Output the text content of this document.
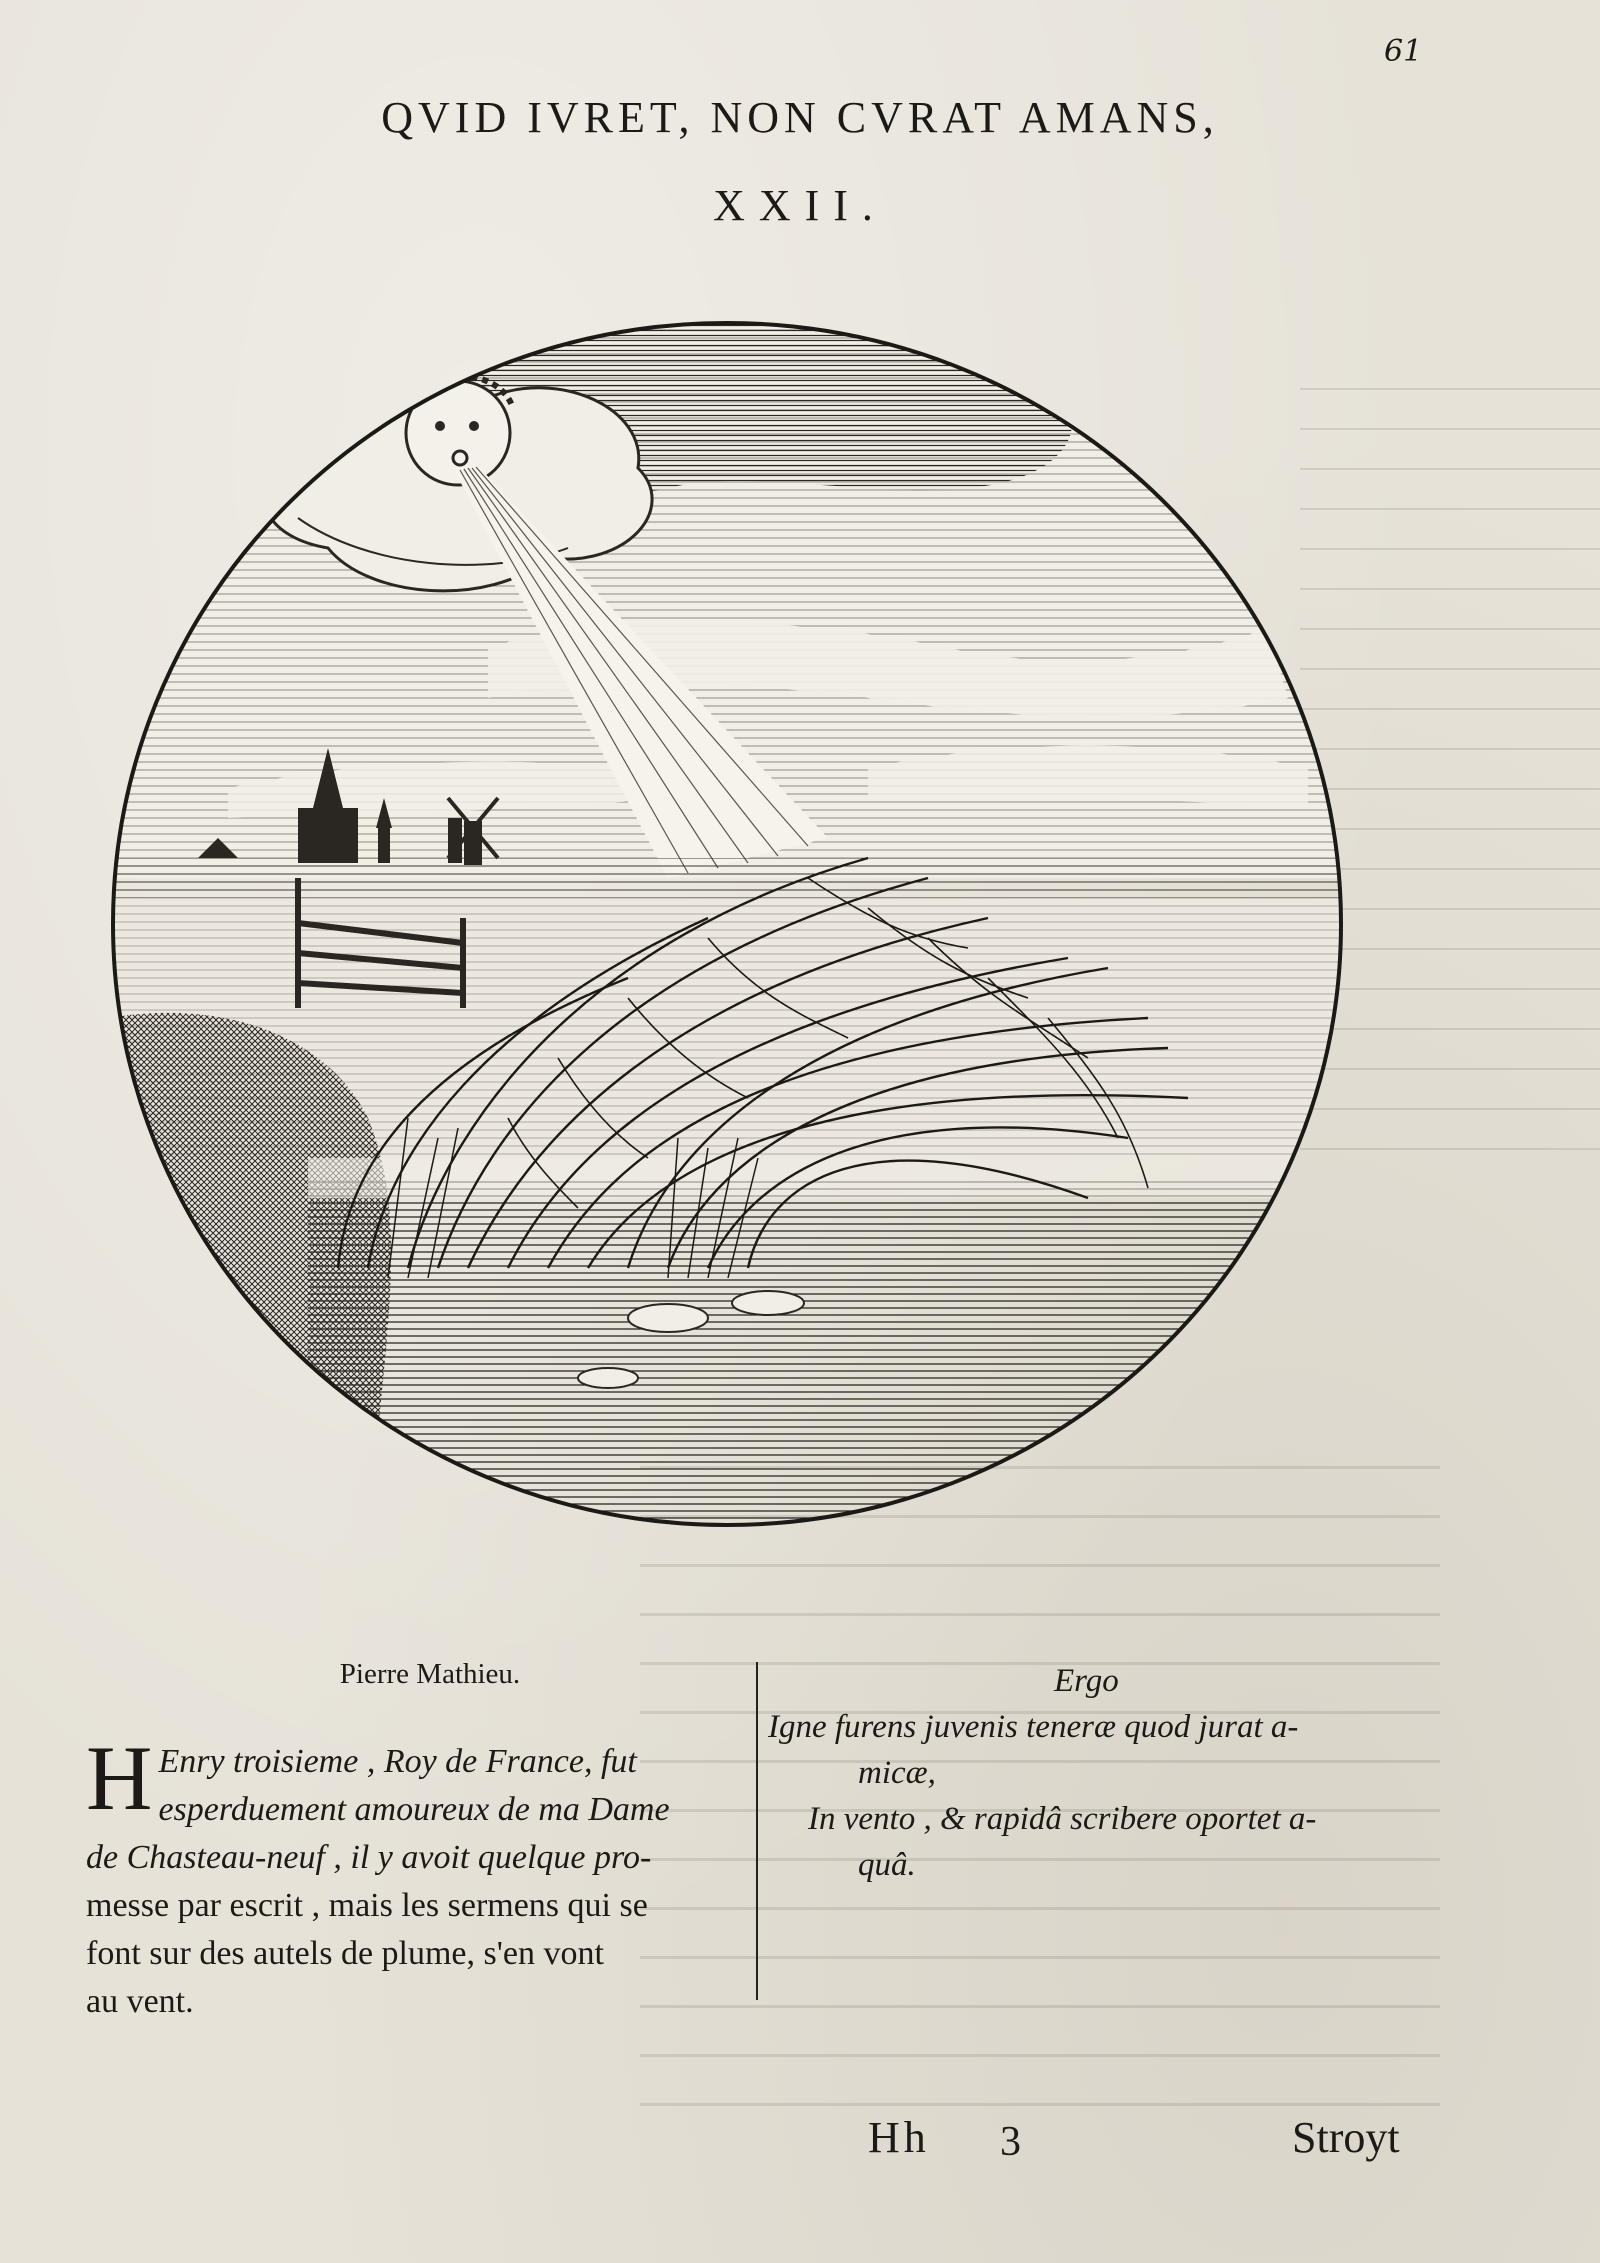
61
QVID IVRET, NON CVRAT AMANS,
XXII.
Pierre Mathieu.
H Enry troisieme , Roy de France, fut
esperduement amoureux de ma Dame
de Chasteau-neuf , il y avoit quelque pro-
messe par escrit , mais les sermens qui se
font sur des autels de plume, s'en vont
au vent.
Ergo
Igne furens juvenis teneræ quod jurat a-
micæ,
In vento , & rapidâ scribere oportet a-
quâ.
Hh 3	Stroyt
